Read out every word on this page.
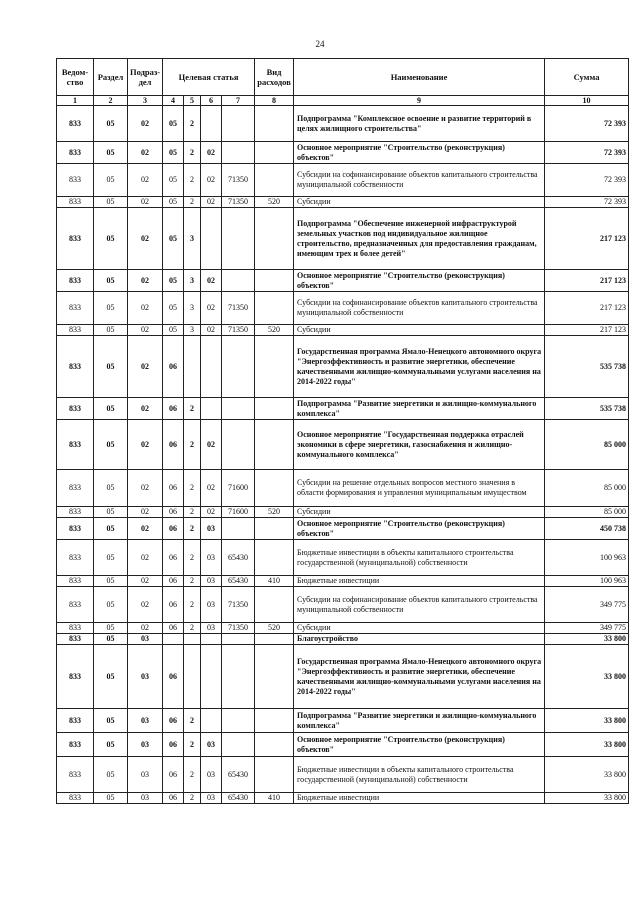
24
Ведом-ство	Раздел	Подраз-дел	Целевая статья				Вид расходов	Наименование	Сумма
1	2	3	4	5	6	7	8	9	10
833	05	02	05	2				Подпрограмма "Комплексное освоение и развитие территорий в целях жилищного строительства"	72 393
833	05	02	05	2	02			Основное мероприятие "Строительство (реконструкция) объектов"	72 393
833	05	02	05	2	02	71350		Субсидии на софинансирование объектов капитального строительства муниципальной собственности	72 393
833	05	02	05	2	02	71350	520	Субсидии	72 393
833	05	02	05	3				Подпрограмма "Обеспечение инженерной инфраструктурой земельных участков под индивидуальное жилищное строительство, предназначенных для предоставления гражданам, имеющим трех и более детей"	217 123
833	05	02	05	3	02			Основное мероприятие "Строительство (реконструкция) объектов"	217 123
833	05	02	05	3	02	71350		Субсидии на софинансирование объектов капитального строительства муниципальной собственности	217 123
833	05	02	05	3	02	71350	520	Субсидии	217 123
833	05	02	06					Государственная программа Ямало-Ненецкого автономного округа "Энергоэффективность и развитие энергетики, обеспечение качественными жилищно-коммунальными услугами населения на 2014-2022 годы"	535 738
833	05	02	06	2				Подпрограмма "Развитие энергетики и жилищно-коммунального комплекса"	535 738
833	05	02	06	2	02			Основное мероприятие "Государственная поддержка отраслей экономики в сфере энергетики, газоснабжения и жилищно-коммунального комплекса"	85 000
833	05	02	06	2	02	71600		Субсидии на решение отдельных вопросов местного значения в области формирования и управления муниципальным имуществом	85 000
833	05	02	06	2	02	71600	520	Субсидии	85 000
833	05	02	06	2	03			Основное мероприятие "Строительство (реконструкция) объектов"	450 738
833	05	02	06	2	03	65430		Бюджетные инвестиции в объекты капитального строительства государственной (муниципальной) собственности	100 963
833	05	02	06	2	03	65430	410	Бюджетные инвестиции	100 963
833	05	02	06	2	03	71350		Субсидии на софинансирование объектов капитального строительства муниципальной собственности	349 775
833	05	02	06	2	03	71350	520	Субсидии	349 775
833	05	03						Благоустройство	33 800
833	05	03	06					Государственная программа Ямало-Ненецкого автономного округа "Энергоэффективность и развитие энергетики, обеспечение качественными жилищно-коммунальными услугами населения на 2014-2022 годы"	33 800
833	05	03	06	2				Подпрограмма "Развитие энергетики и жилищно-коммунального комплекса"	33 800
833	05	03	06	2	03			Основное мероприятие "Строительство (реконструкция) объектов"	33 800
833	05	03	06	2	03	65430		Бюджетные инвестиции в объекты капитального строительства государственной (муниципальной) собственности	33 800
833	05	03	06	2	03	65430	410	Бюджетные инвестиции	33 800
